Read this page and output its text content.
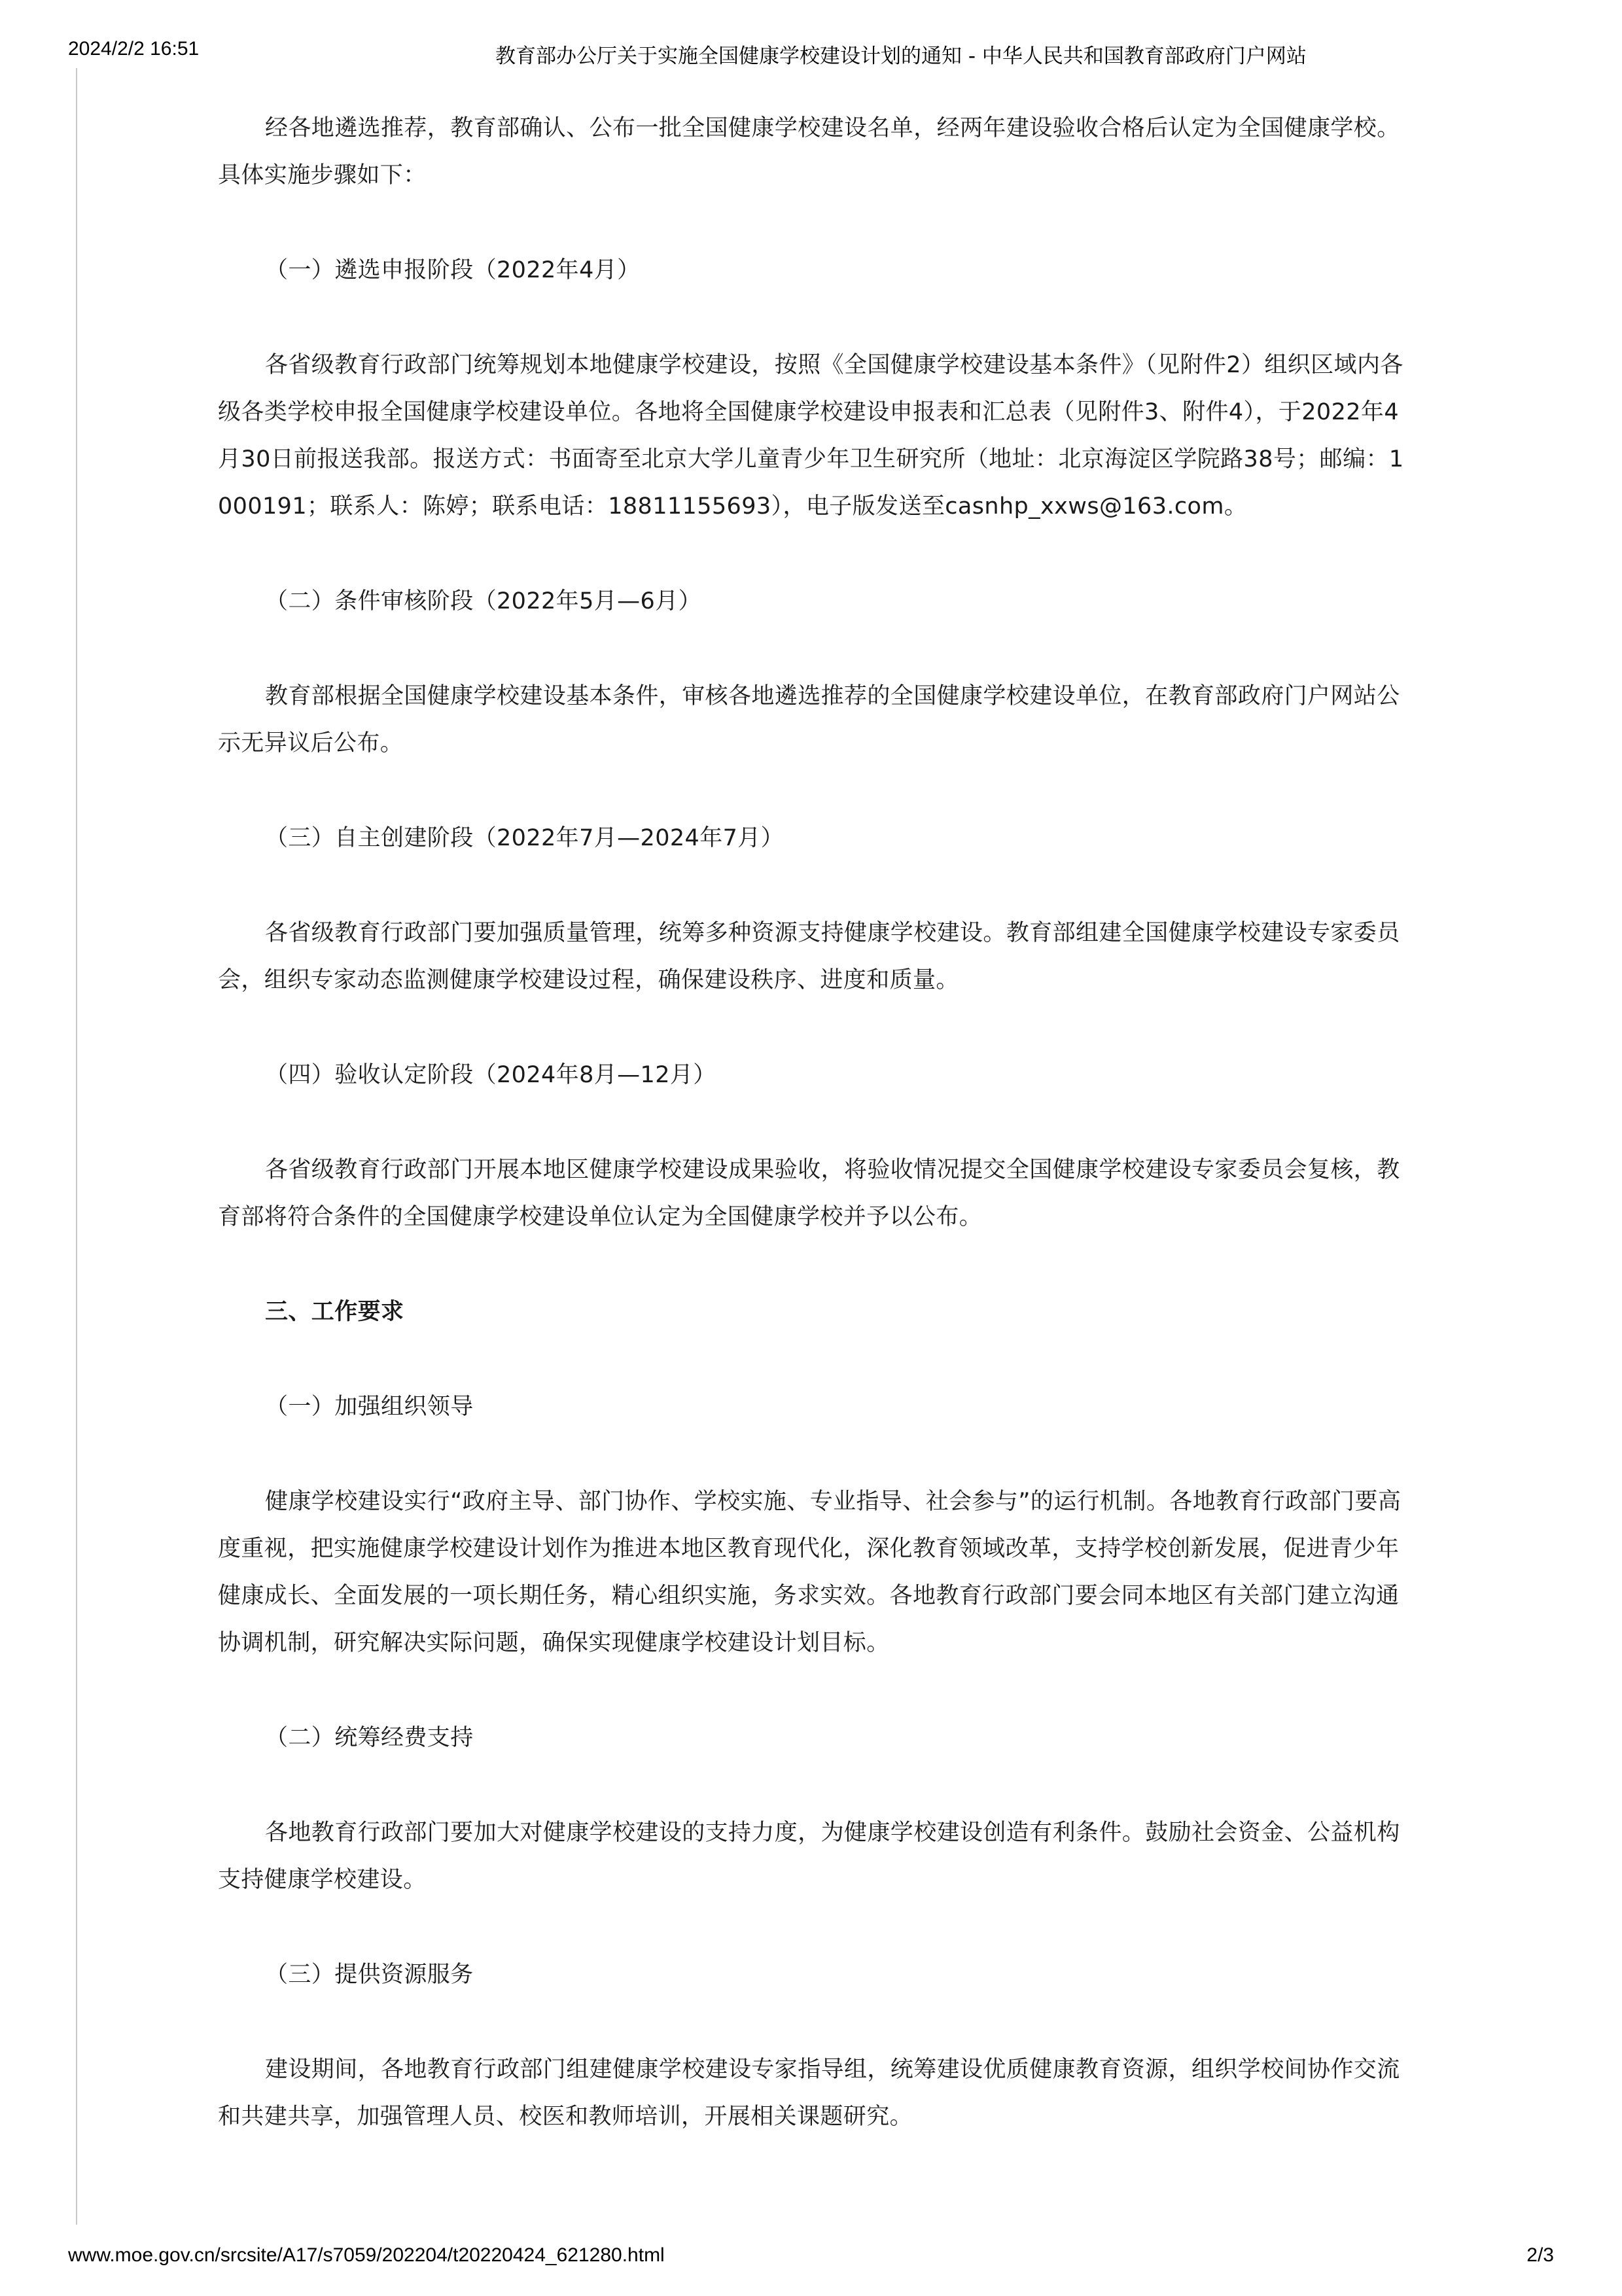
2024/2/2 16:51	教育部办公厅关于实施全国健康学校建设计划的通知 - 中华人民共和国教育部政府门户网站

经各地遴选推荐，教育部确认、公布一批全国健康学校建设名单，经两年建设验收合格后认定为全国健康学校。具体实施步骤如下：

（一）遴选申报阶段（2022年4月）

各省级教育行政部门统筹规划本地健康学校建设，按照《全国健康学校建设基本条件》（见附件2）组织区域内各级各类学校申报全国健康学校建设单位。各地将全国健康学校建设申报表和汇总表（见附件3、附件4），于2022年4月30日前报送我部。报送方式：书面寄至北京大学儿童青少年卫生研究所（地址：北京海淀区学院路38号；邮编：1000191；联系人：陈婷；联系电话：18811155693），电子版发送至casnhp_xxws@163.com。

（二）条件审核阶段（2022年5月—6月）

教育部根据全国健康学校建设基本条件，审核各地遴选推荐的全国健康学校建设单位，在教育部政府门户网站公示无异议后公布。

（三）自主创建阶段（2022年7月—2024年7月）

各省级教育行政部门要加强质量管理，统筹多种资源支持健康学校建设。教育部组建全国健康学校建设专家委员会，组织专家动态监测健康学校建设过程，确保建设秩序、进度和质量。

（四）验收认定阶段（2024年8月—12月）

各省级教育行政部门开展本地区健康学校建设成果验收，将验收情况提交全国健康学校建设专家委员会复核，教育部将符合条件的全国健康学校建设单位认定为全国健康学校并予以公布。

三、工作要求

（一）加强组织领导

健康学校建设实行“政府主导、部门协作、学校实施、专业指导、社会参与”的运行机制。各地教育行政部门要高度重视，把实施健康学校建设计划作为推进本地区教育现代化，深化教育领域改革，支持学校创新发展，促进青少年健康成长、全面发展的一项长期任务，精心组织实施，务求实效。各地教育行政部门要会同本地区有关部门建立沟通协调机制，研究解决实际问题，确保实现健康学校建设计划目标。

（二）统筹经费支持

各地教育行政部门要加大对健康学校建设的支持力度，为健康学校建设创造有利条件。鼓励社会资金、公益机构支持健康学校建设。

（三）提供资源服务

建设期间，各地教育行政部门组建健康学校建设专家指导组，统筹建设优质健康教育资源，组织学校间协作交流和共建共享，加强管理人员、校医和教师培训，开展相关课题研究。

www.moe.gov.cn/srcsite/A17/s7059/202204/t20220424_621280.html	2/3
